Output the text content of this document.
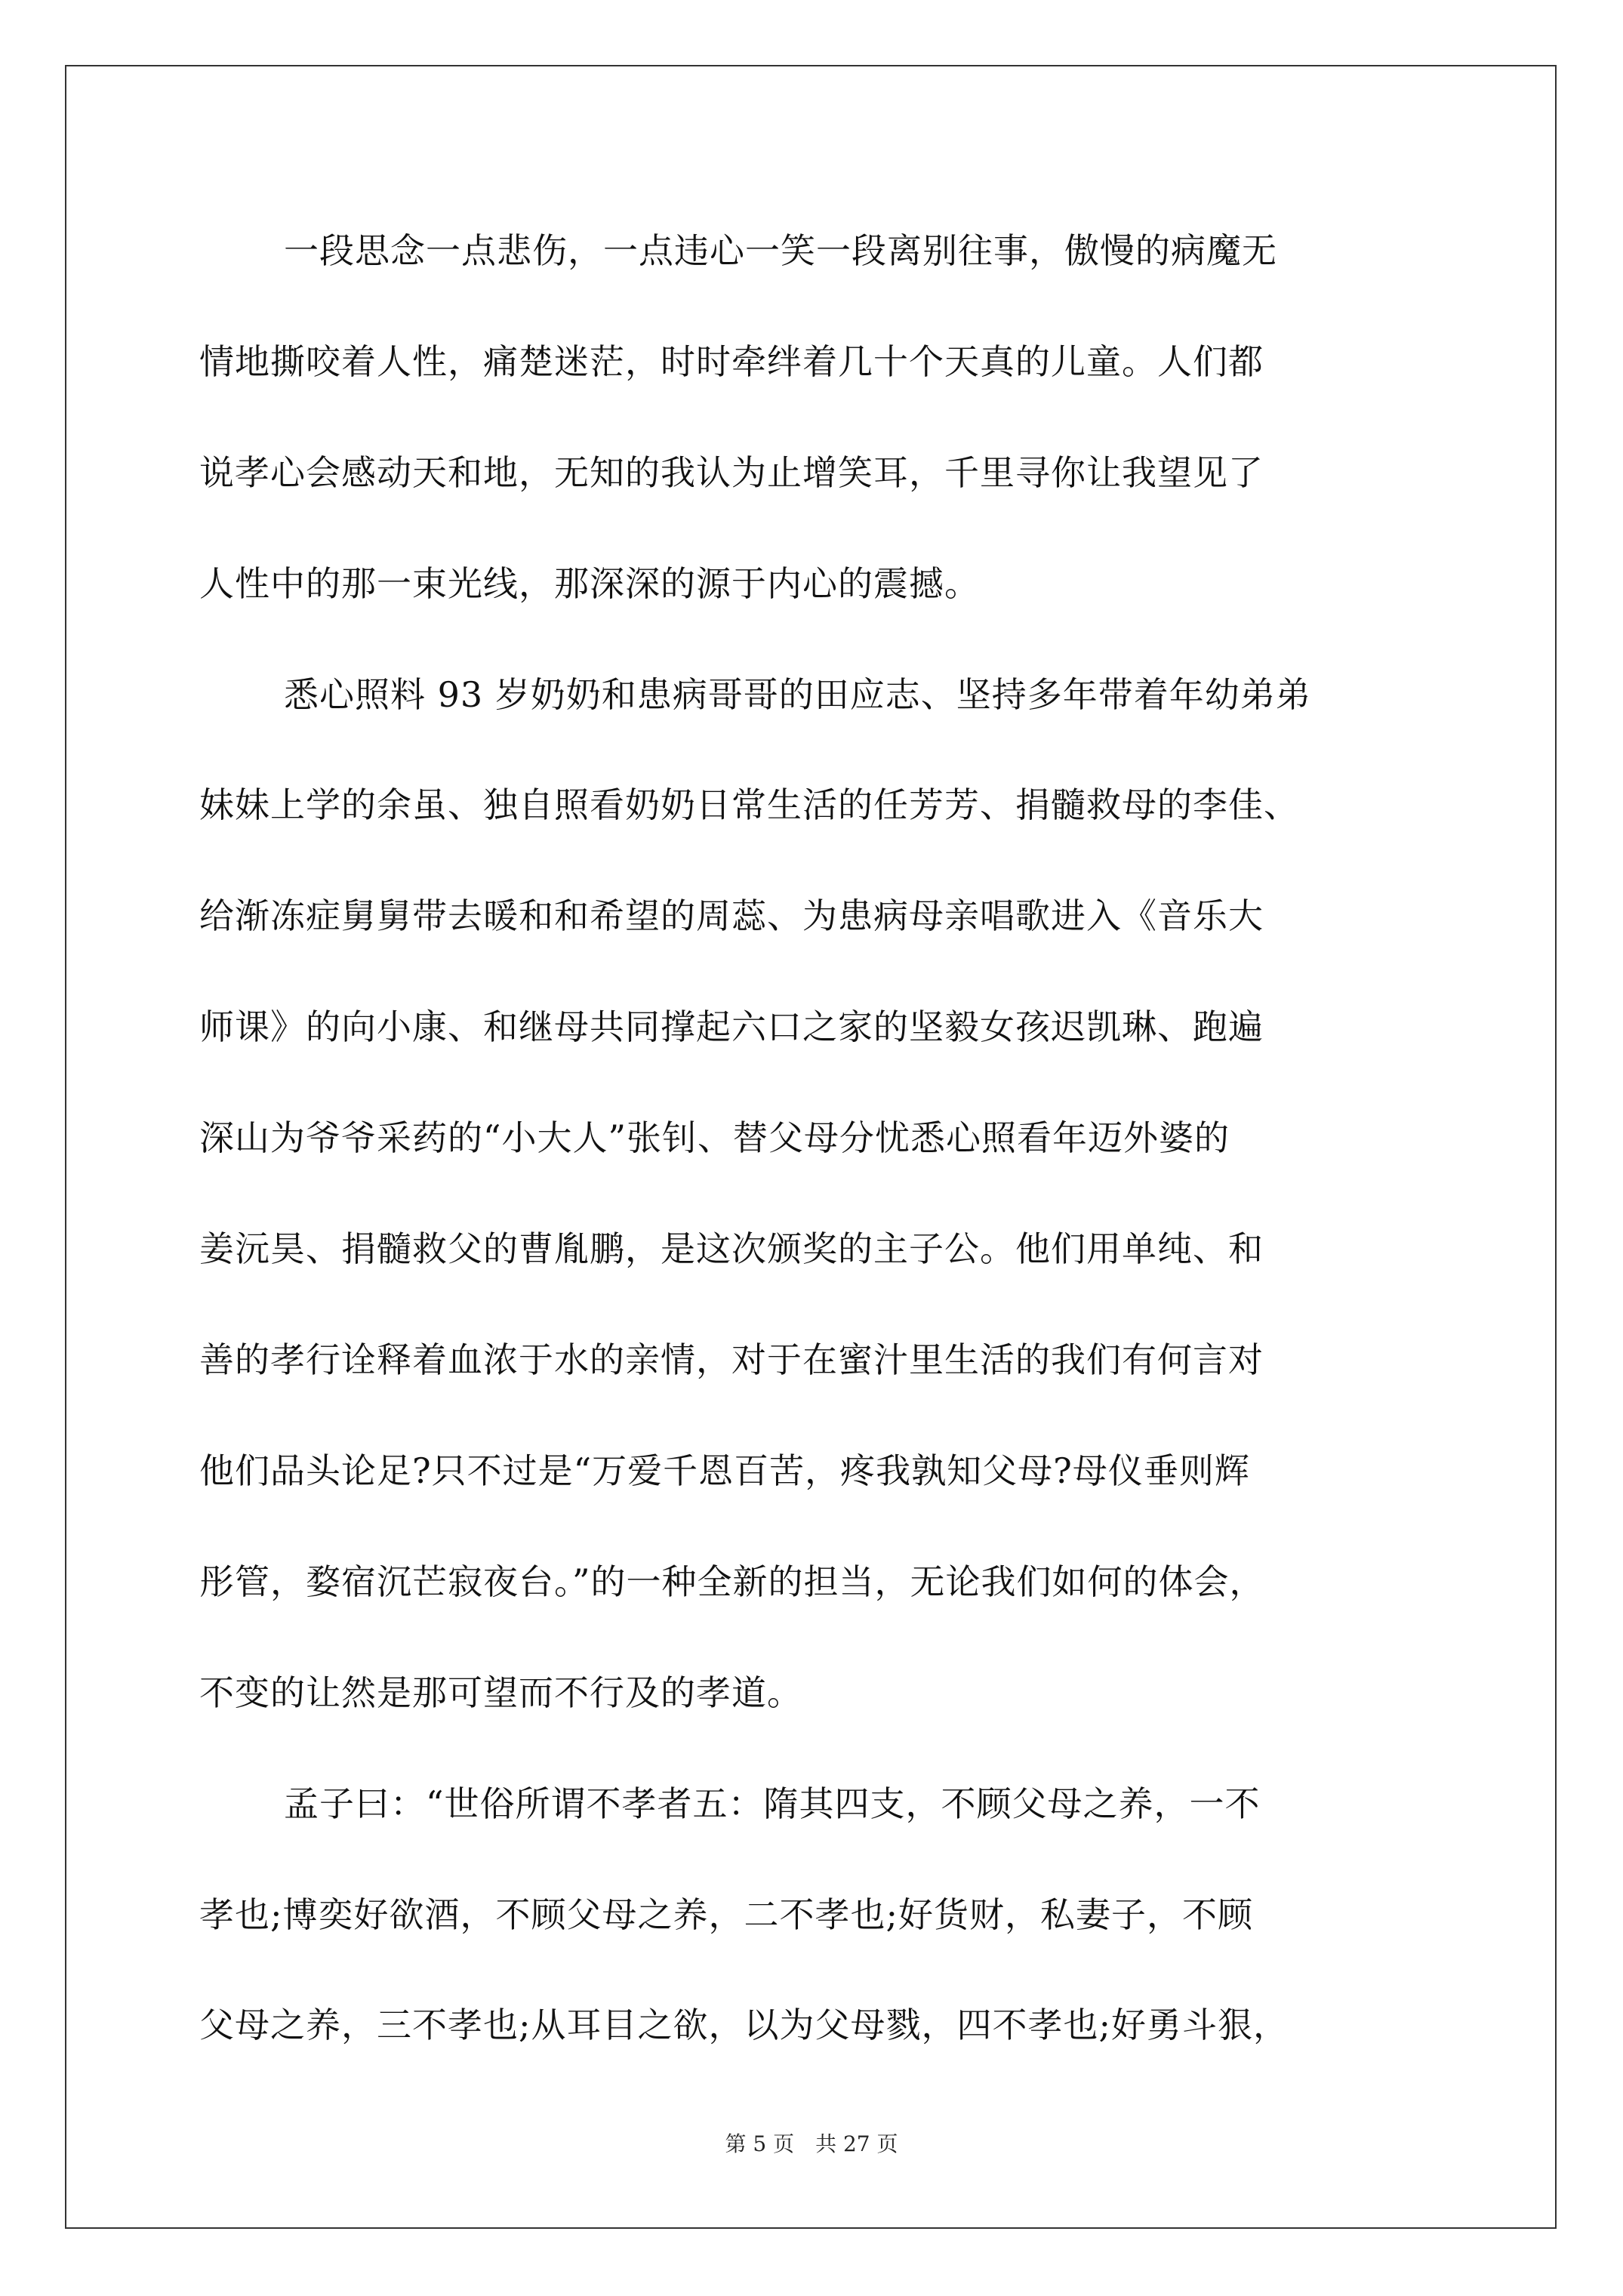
一段思念一点悲伤，一点违心一笑一段离别往事，傲慢的病魔无
情地撕咬着人性，痛楚迷茫，时时牵绊着几十个天真的儿童。人们都
说孝心会感动天和地，无知的我认为止增笑耳，千里寻你让我望见了
人性中的那一束光线，那深深的源于内心的震撼。
悉心照料 93 岁奶奶和患病哥哥的田应志、坚持多年带着年幼弟弟
妹妹上学的余虽、独自照看奶奶日常生活的任芳芳、捐髓救母的李佳、
给渐冻症舅舅带去暖和和希望的周蕊、为患病母亲唱歌进入《音乐大
师课》的向小康、和继母共同撑起六口之家的坚毅女孩迟凯琳、跑遍
深山为爷爷采药的“小大人”张钊、替父母分忧悉心照看年迈外婆的
姜沅昊、捐髓救父的曹胤鹏，是这次颁奖的主子公。他们用单纯、和
善的孝行诠释着血浓于水的亲情，对于在蜜汁里生活的我们有何言对
他们品头论足?只不过是“万爱千恩百苦，疼我孰知父母?母仪垂则辉
彤管，婺宿沉芒寂夜台。”的一种全新的担当，无论我们如何的体会，
不变的让然是那可望而不行及的孝道。
孟子曰：“世俗所谓不孝者五：隋其四支，不顾父母之养，一不
孝也;博奕好欲酒，不顾父母之养，二不孝也;好货财，私妻子，不顾
父母之养，三不孝也;从耳目之欲，以为父母戮，四不孝也;好勇斗狠，
第 5 页　共 27 页
